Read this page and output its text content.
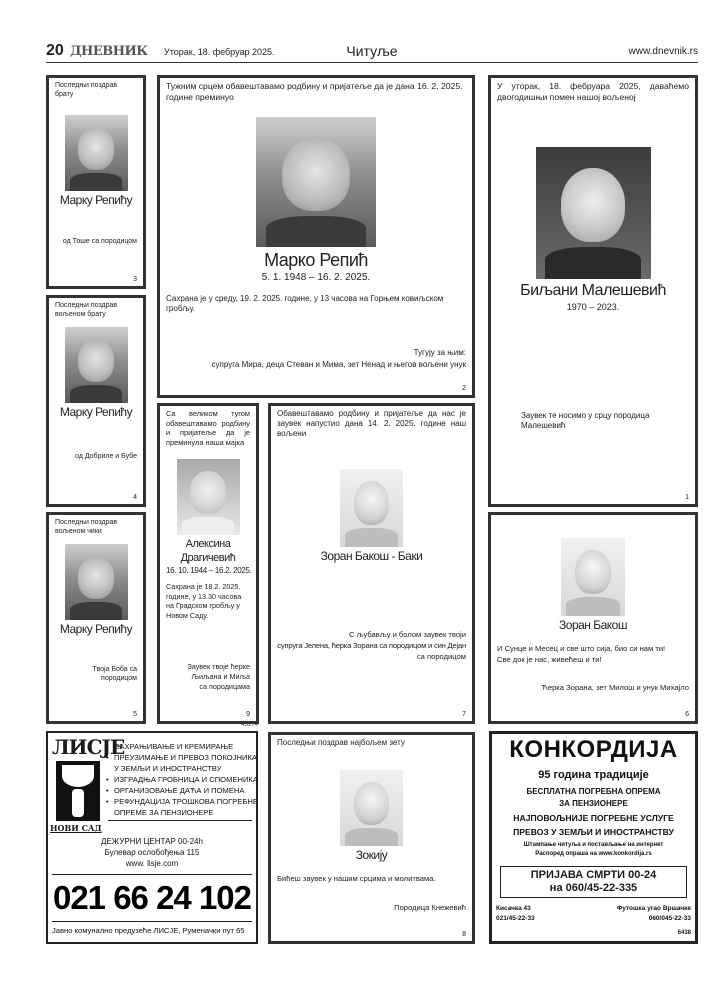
20 ДНЕВНИК Уторак, 18. фебруар 2025.	Читуље	www.dnevnik.rs
Последњи поздрав брату
Марку Репићу
од Тоше са породицом
3
Тужним срцем обавештавамо родбину и пријатеље да је дана 16. 2. 2025. године преминуо
Марко Репић
5. 1. 1948 – 16. 2. 2025.
Сахрана је у среду, 19. 2. 2025. године, у 13 часова на Горњем ковиљском гробљу.
Тугују за њим:
супруга Мира, деца Стеван и Мима, зет Ненад и његов вољени унук
2
У уторак, 18. фебруара 2025, даваћемо двогодишњи помен нашој вољеној
Биљани Малешевић
1970 – 2023.
Заувек те носимо у срцу породица Малешевић
1
Последњи поздрав вољеном брату
Марку Репићу
од Добриле и Бубе
4
Последњи поздрав вољеном чики
Марку Репићу
Твоја Боба са породицом
5
Са великом тугом обавештавамо родбину и пријатеље да је преминула наша мајка
Алексина
Драгичевић
16. 10. 1944 – 16.2. 2025.
Сахрана је 18.2. 2025. године, у 13.30 часова на Градском гробљу у Новом Саду.
Заувек твоје ћерке
Љиљана и Миља
са породицама
9
Обавештавамо родбину и пријатеље да нас је заувек напустио дана 14. 2. 2025. године наш вољени
Зоран Бакош - Баки
С љубављу и болом заувек твоји
супруга Јелена, ћерка Зорана са породицом и син Дејан
са породицом
7
Зоран Бакош
И Сунце и Месец и све што сија, био си нам ти!
Све док је нас, живећеш и ти!
Ћерка Зорана, зет Милош и унук Михајло
6
Последњи поздрав најбољем зету
Зокију
Бићеш заувек у нашим срцима и молитвама.
Породица Кнежевић
8
45174
ЛИСЈЕ
НОВИ САД
• САХРАЊИВАЊЕ И КРЕМИРАЊЕ
• ПРЕУЗИМАЊЕ И ПРЕВОЗ ПОКОЈНИКА
У ЗЕМЉИ И ИНОСТРАНСТВУ
• ИЗГРАДЊА ГРОБНИЦА И СПОМЕНИКА
• ОРГАНИЗОВАЊЕ ДАЋА И ПОМЕНА
• РЕФУНДАЦИЈА ТРОШКОВА ПОГРЕБНЕ
ОПРЕМЕ ЗА ПЕНЗИОНЕРЕ
ДЕЖУРНИ ЦЕНТАР 00-24h
Булевар ослобођења 115
www. lisje.com
021 66 24 102
Јавно комунално предузеће ЛИСЈЕ, Руменачки пут 65
КОНКОРДИЈА
95 година традиције
БЕСПЛАТНА ПОГРЕБНА ОПРЕМА
ЗА ПЕНЗИОНЕРЕ
НАЈПОВОЉНИЈЕ ПОГРЕБНЕ УСЛУГЕ
ПРЕВОЗ У ЗЕМЉИ И ИНОСТРАНСТВУ
Штампање читуља и постављање на интернет
Распоред опраша на www.konkordija.rs
ПРИЈАВА СМРТИ 00-24
на 060/45-22-335
Кисачка 43
021/45-22-33
Футошка угао Вршачке
060/045-22-33
6438
